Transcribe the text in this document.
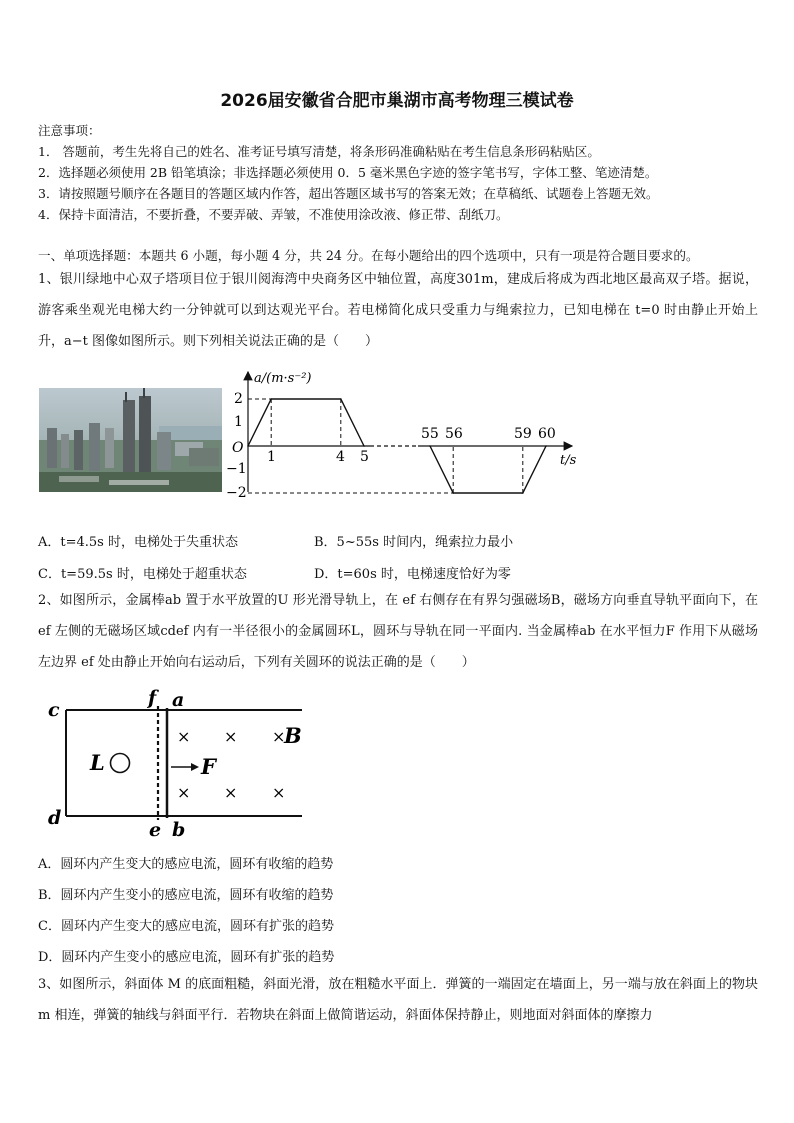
2026届安徽省合肥市巢湖市高考物理三模试卷
注意事项：
1． 答题前，考生先将自己的姓名、准考证号填写清楚，将条形码准确粘贴在考生信息条形码粘贴区。
2．选择题必须使用 2B 铅笔填涂；非选择题必须使用 0．5 毫米黑色字迹的签字笔书写，字体工整、笔迹清楚。
3．请按照题号顺序在各题目的答题区域内作答，超出答题区域书写的答案无效；在草稿纸、试题卷上答题无效。
4．保持卡面清洁，不要折叠，不要弄破、弄皱，不准使用涂改液、修正带、刮纸刀。
一、单项选择题：本题共 6 小题，每小题 4 分，共 24 分。在每小题给出的四个选项中，只有一项是符合题目要求的。
1、银川绿地中心双子塔项目位于银川阅海湾中央商务区中轴位置，高度301m，建成后将成为西北地区最高双子塔。据说，游客乘坐观光电梯大约一分钟就可以到达观光平台。若电梯简化成只受重力与绳索拉力，已知电梯在 t=0 时由静止开始上升，a−t 图像如图所示。则下列相关说法正确的是（　　）
a/(m·s⁻²)
t/s
O
2
1
−1
−2
1	4 5
55 56	59 60
A．t=4.5s 时，电梯处于失重状态	B．5~55s 时间内，绳索拉力最小
C．t=59.5s 时，电梯处于超重状态	D．t=60s 时，电梯速度恰好为零
2、如图所示，金属棒ab 置于水平放置的U 形光滑导轨上，在 ef 右侧存在有界匀强磁场B，磁场方向垂直导轨平面向下，在 ef 左侧的无磁场区域cdef 内有一半径很小的金属圆环L，圆环与导轨在同一平面内. 当金属棒ab 在水平恒力F 作用下从磁场左边界 ef 处由静止开始向右运动后，下列有关圆环的说法正确的是（　　）
c
d
f a
e b
L	F
B
× × ×
× × ×
A．圆环内产生变大的感应电流，圆环有收缩的趋势
B．圆环内产生变小的感应电流，圆环有收缩的趋势
C．圆环内产生变大的感应电流，圆环有扩张的趋势
D．圆环内产生变小的感应电流，圆环有扩张的趋势
3、如图所示，斜面体 M 的底面粗糙，斜面光滑，放在粗糙水平面上．弹簧的一端固定在墙面上，另一端与放在斜面上的物块 m 相连，弹簧的轴线与斜面平行．若物块在斜面上做简谐运动，斜面体保持静止，则地面对斜面体的摩擦力
